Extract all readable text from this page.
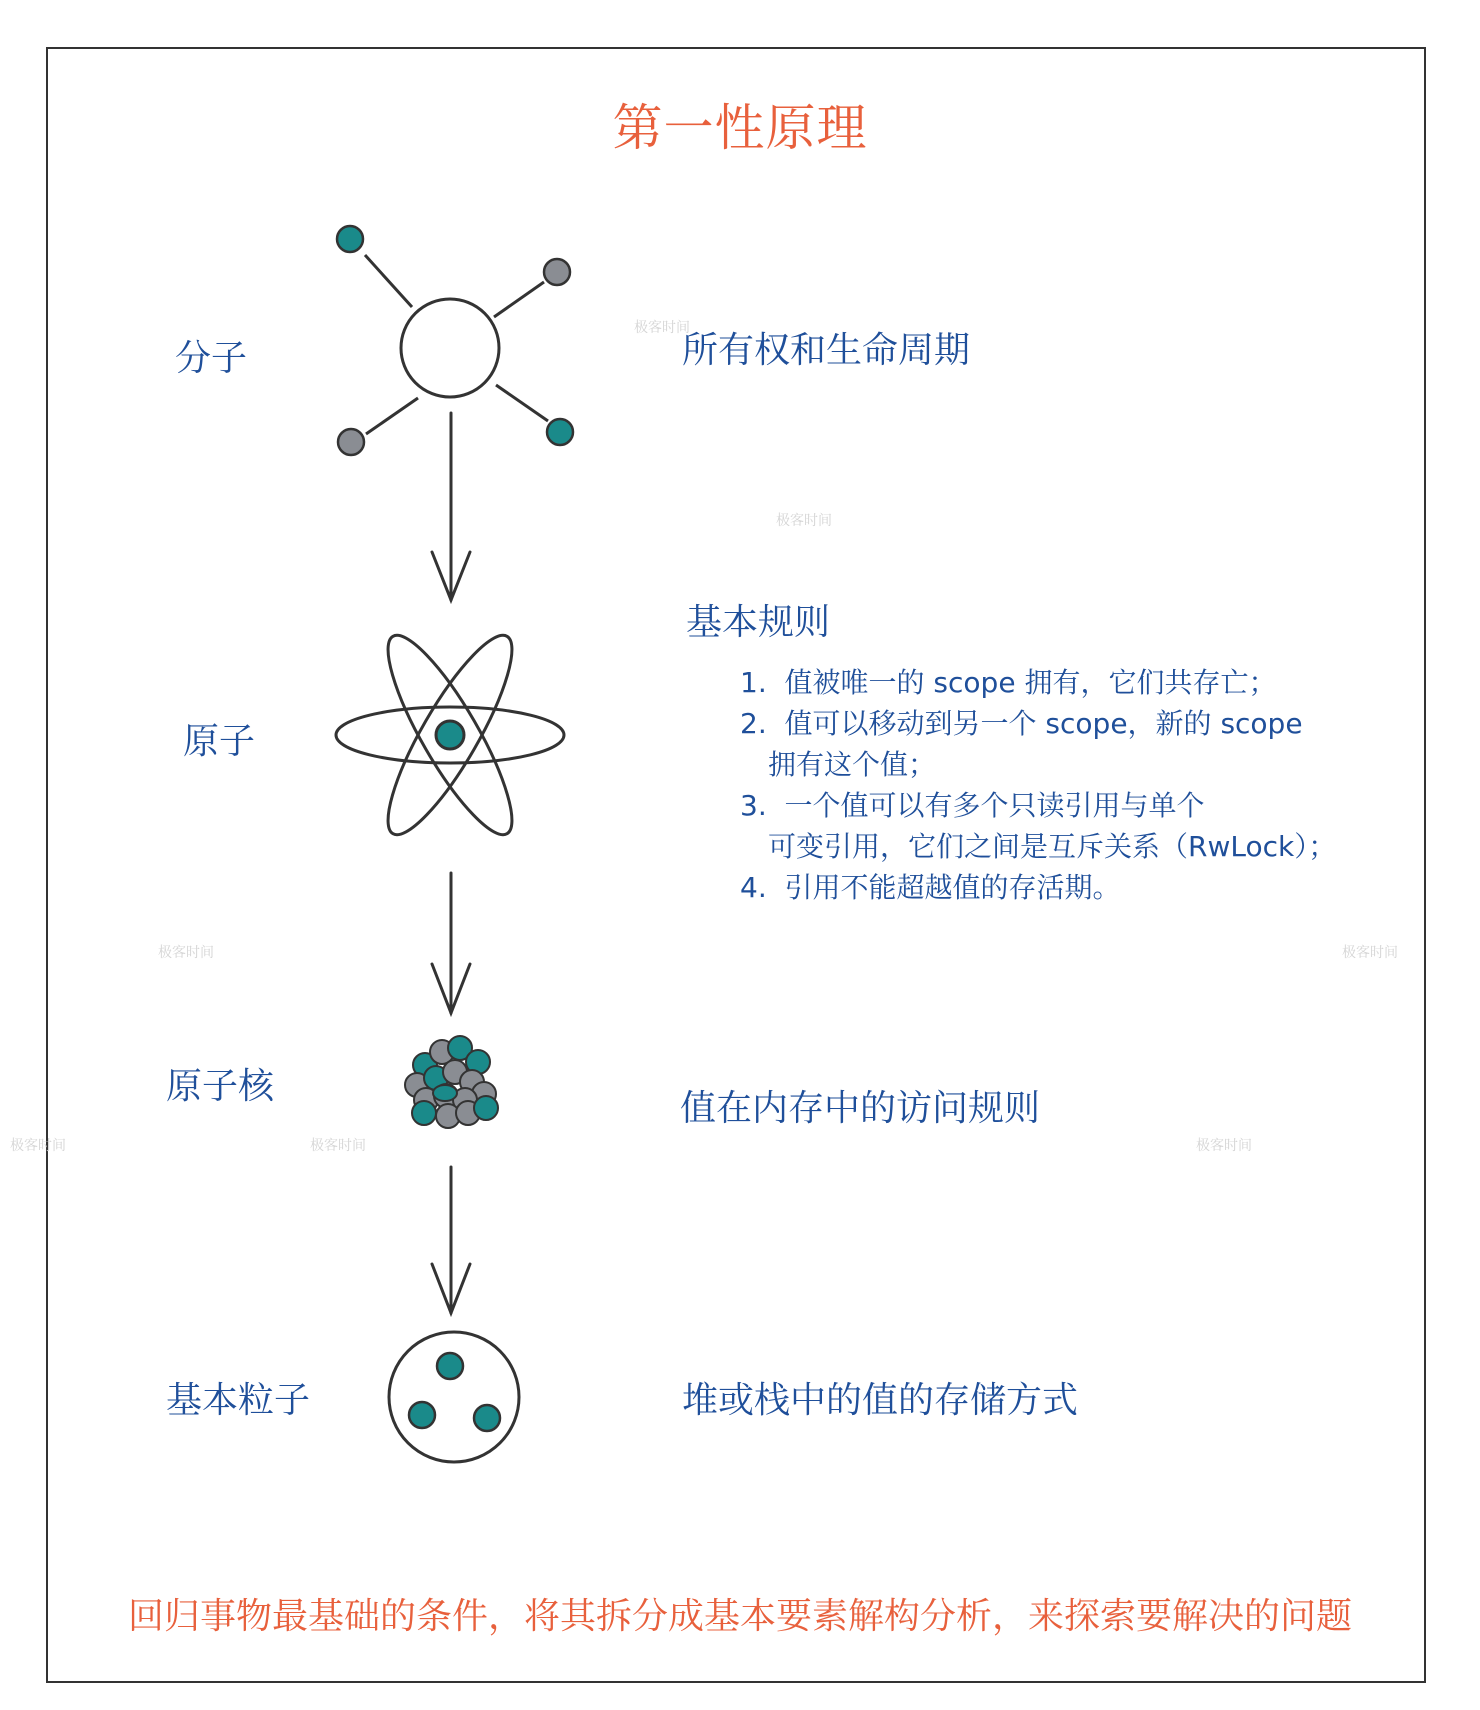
极客时间
极客时间
极客时间	极客时间
极客时间	极客时间	极客时间
第一性原理
分子
原子
原子核
基本粒子
所有权和生命周期
基本规则
值在内存中的访问规则
堆或栈中的值的存储方式
1. 值被唯一的 scope 拥有，它们共存亡；
2. 值可以移动到另一个 scope，新的 scope
拥有这个值；
3. 一个值可以有多个只读引用与单个
可变引用，它们之间是互斥关系（RwLock）；
4. 引用不能超越值的存活期。
回归事物最基础的条件，将其拆分成基本要素解构分析，来探索要解决的问题
